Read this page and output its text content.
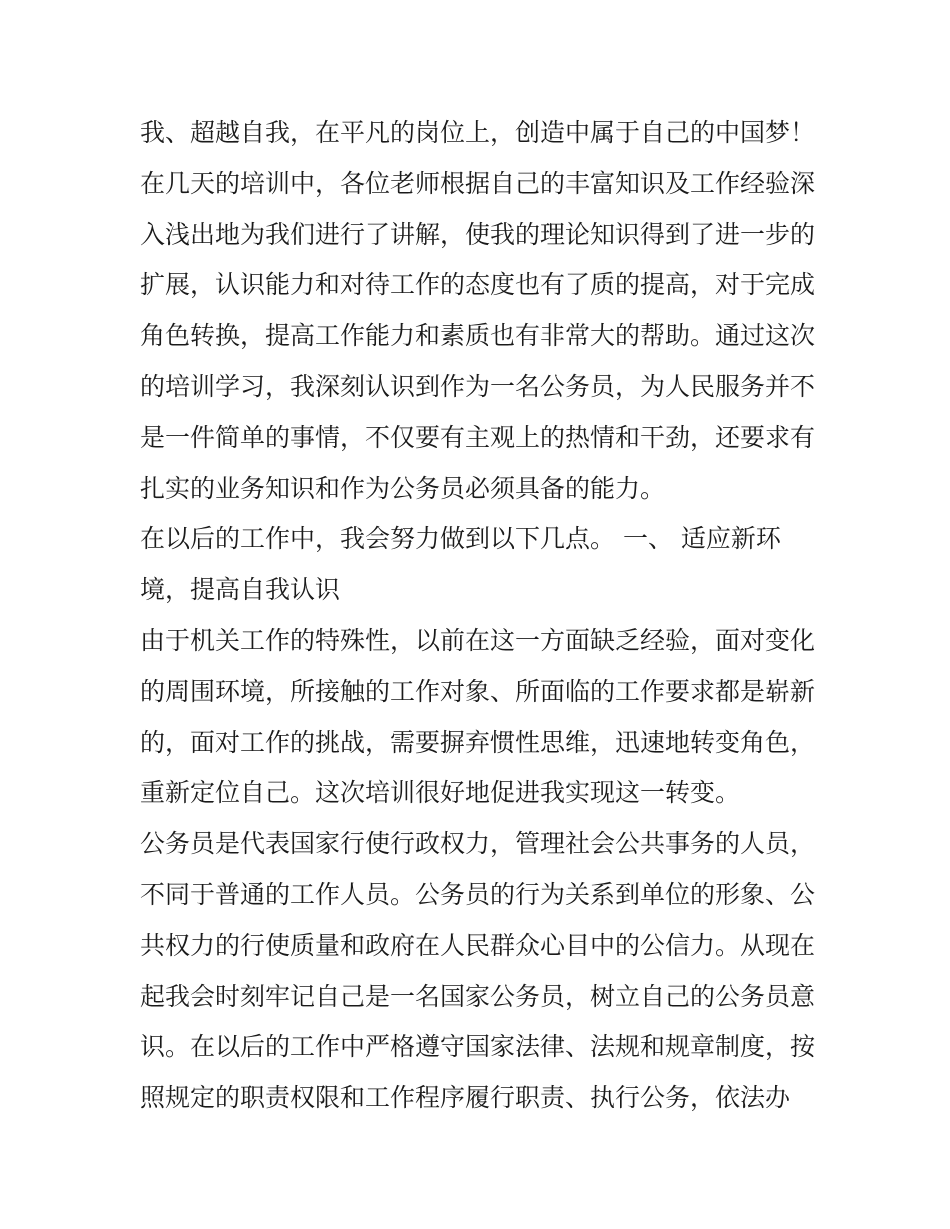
我、超越自我，在平凡的岗位上，创造中属于自己的中国梦！
在几天的培训中，各位老师根据自己的丰富知识及工作经验深
入浅出地为我们进行了讲解，使我的理论知识得到了进一步的
扩展，认识能力和对待工作的态度也有了质的提高，对于完成
角色转换，提高工作能力和素质也有非常大的帮助。通过这次
的培训学习，我深刻认识到作为一名公务员，为人民服务并不
是一件简单的事情，不仅要有主观上的热情和干劲，还要求有
扎实的业务知识和作为公务员必须具备的能力。
在以后的工作中，我会努力做到以下几点。 一、 适应新环
境，提高自我认识
由于机关工作的特殊性，以前在这一方面缺乏经验，面对变化
的周围环境，所接触的工作对象、所面临的工作要求都是崭新
的，面对工作的挑战，需要摒弃惯性思维，迅速地转变角色，
重新定位自己。这次培训很好地促进我实现这一转变。
公务员是代表国家行使行政权力，管理社会公共事务的人员，
不同于普通的工作人员。公务员的行为关系到单位的形象、公
共权力的行使质量和政府在人民群众心目中的公信力。从现在
起我会时刻牢记自己是一名国家公务员，树立自己的公务员意
识。在以后的工作中严格遵守国家法律、法规和规章制度，按
照规定的职责权限和工作程序履行职责、执行公务，依法办
